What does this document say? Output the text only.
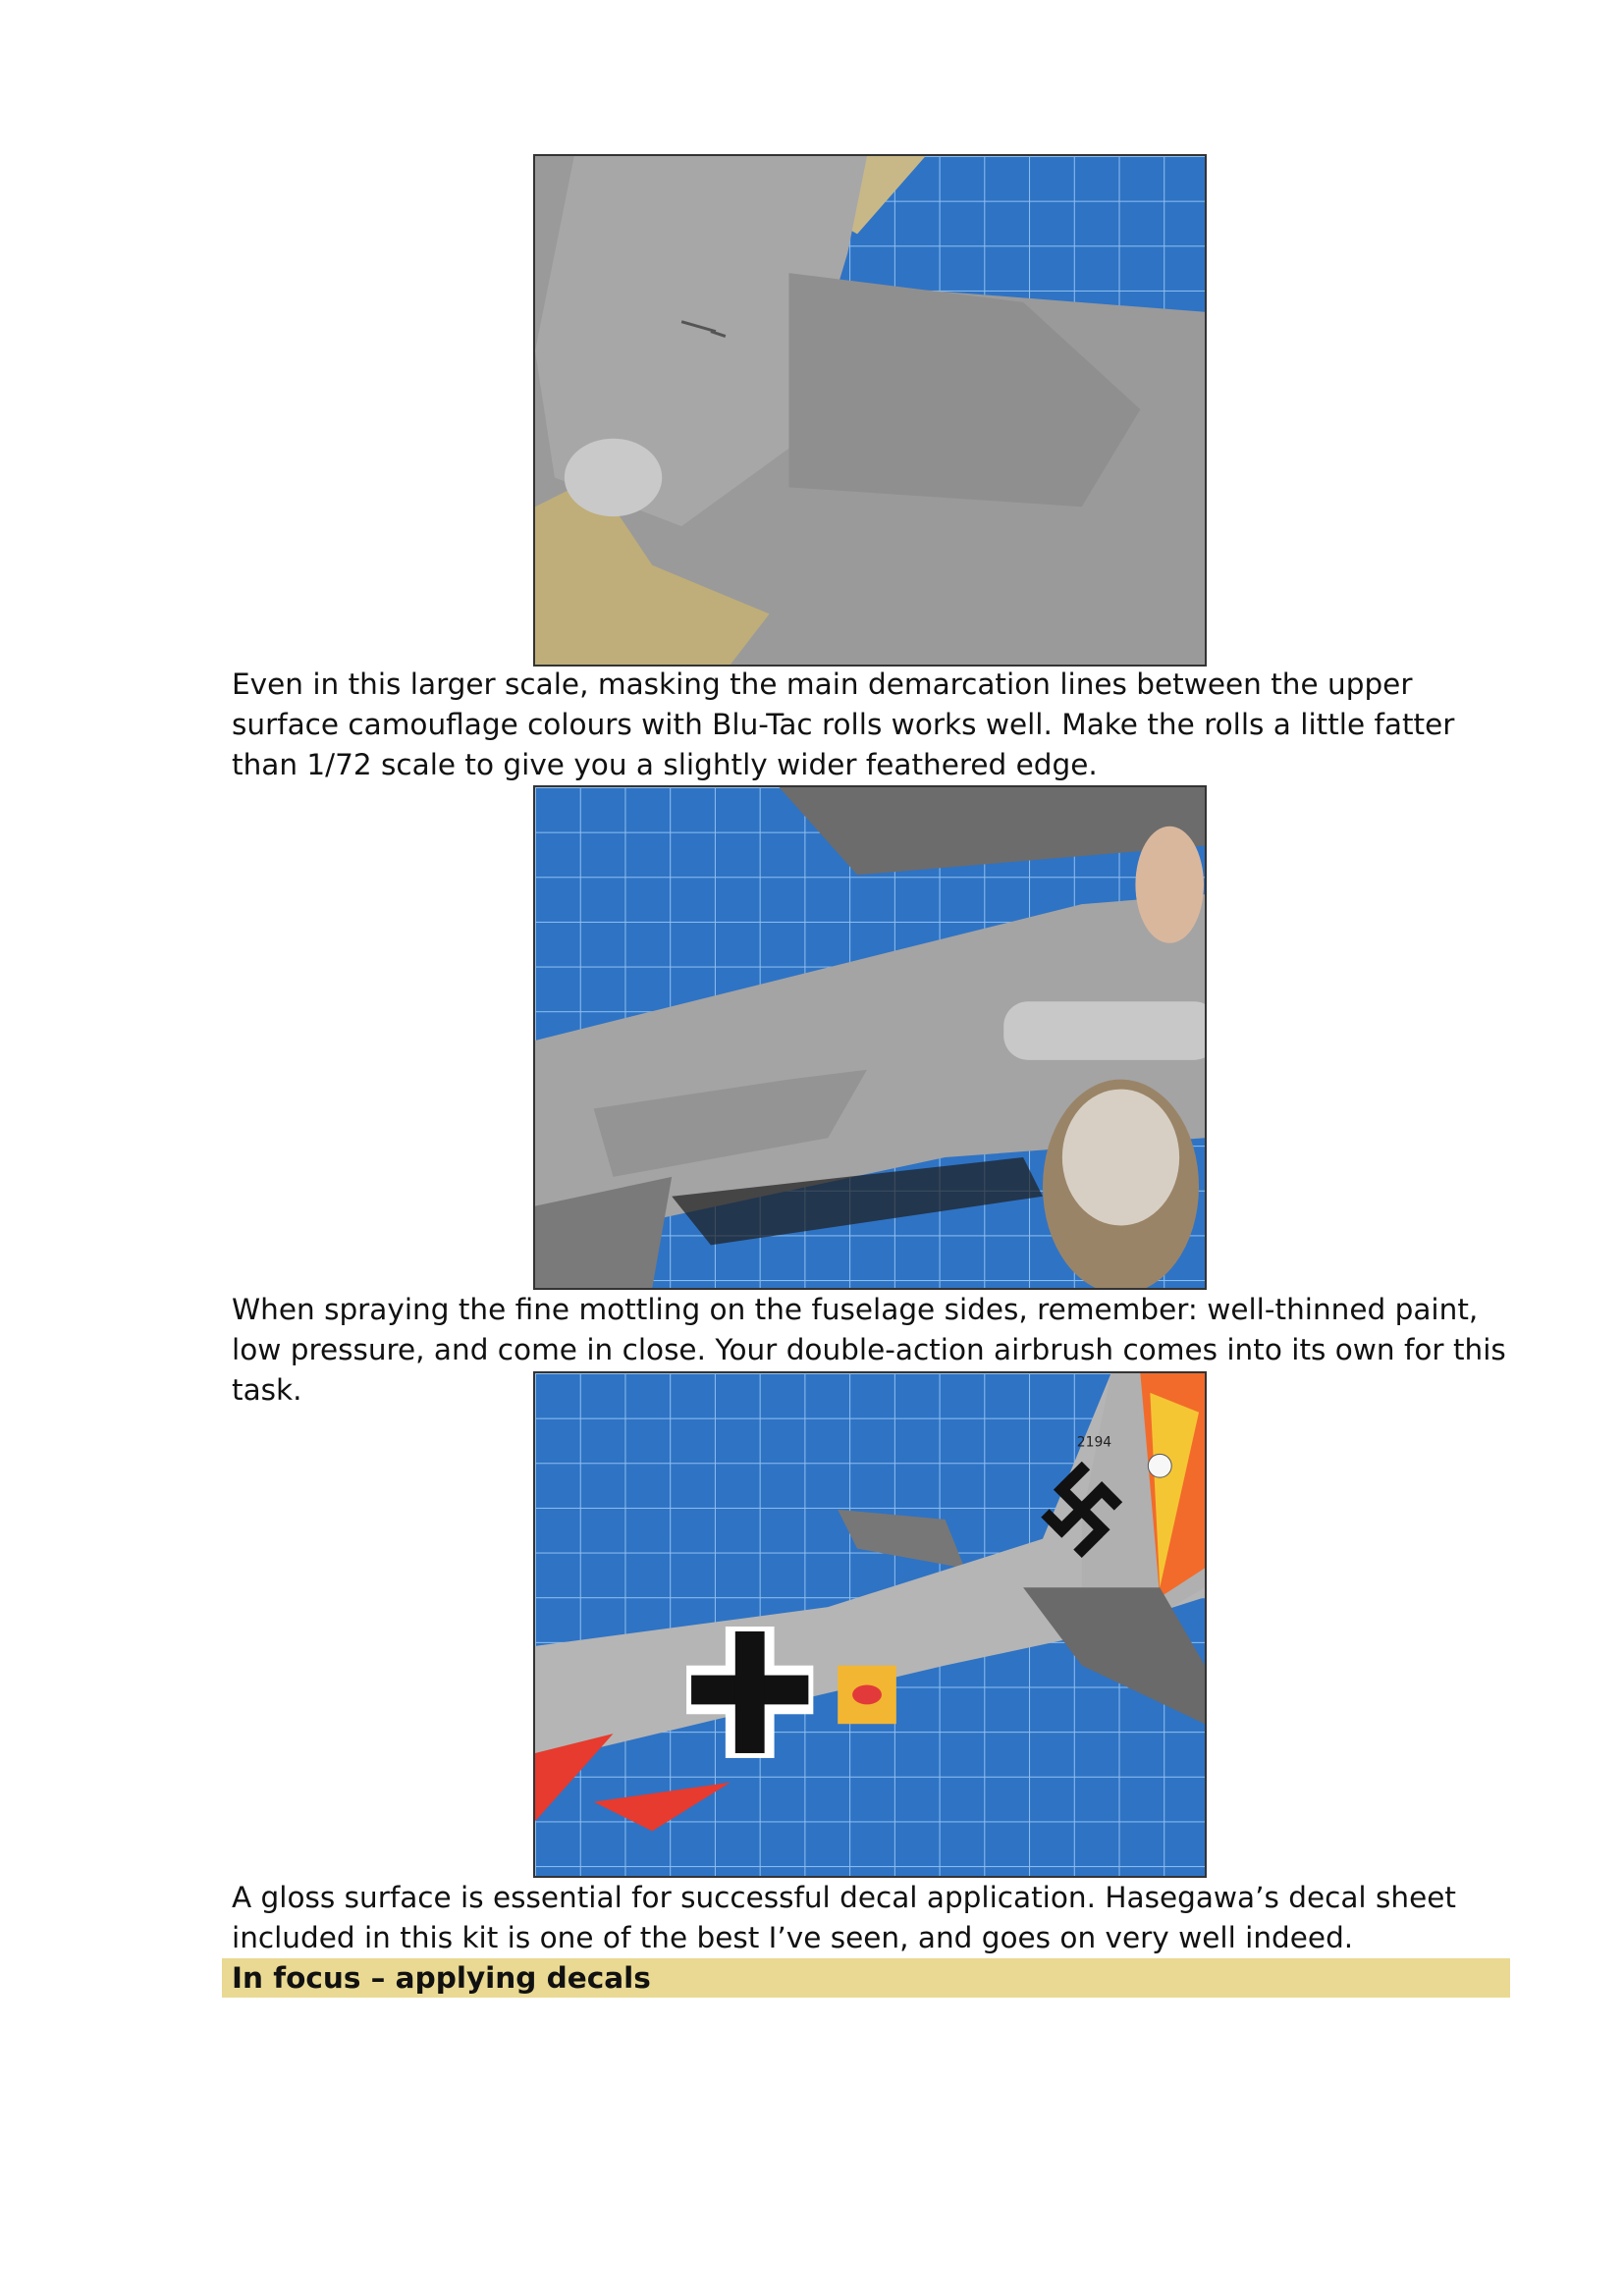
Even in this larger scale, masking the main demarcation lines between the upper surface camouflage colours with Blu-Tac rolls works well. Make the rolls a little fatter than 1/72 scale to give you a slightly wider feathered edge.

When spraying the fine mottling on the fuselage sides, remember: well-thinned paint, low pressure, and come in close. Your double-action airbrush comes into its own for this task.

2194

A gloss surface is essential for successful decal application. Hasegawa’s decal sheet included in this kit is one of the best I’ve seen, and goes on very well indeed.

In focus – applying decals
